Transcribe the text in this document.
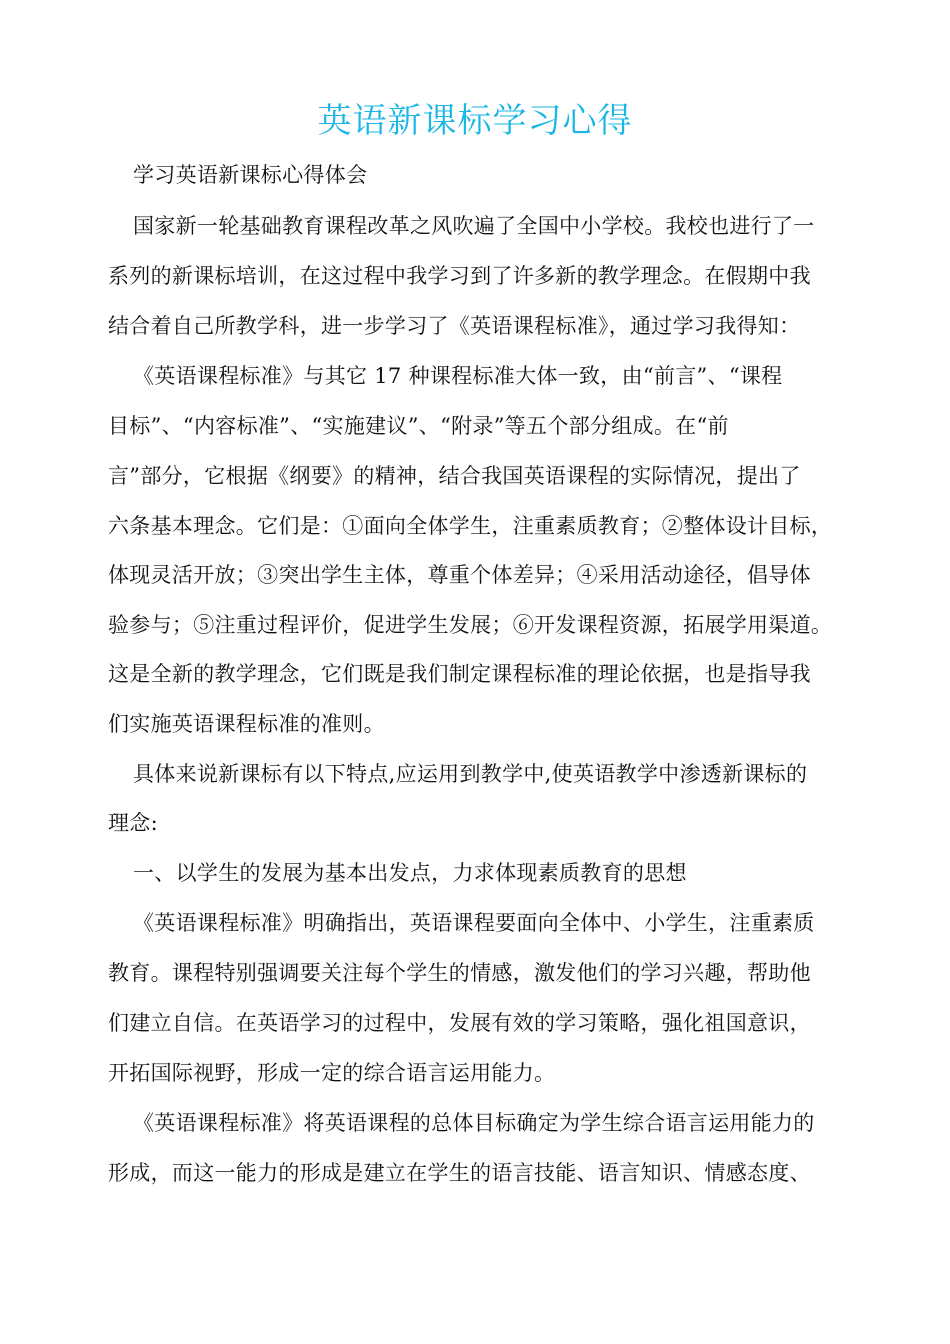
英语新课标学习心得
学习英语新课标心得体会
国家新一轮基础教育课程改革之风吹遍了全国中小学校。我校也进行了一
系列的新课标培训，在这过程中我学习到了许多新的教学理念。在假期中我
结合着自己所教学科，进一步学习了《英语课程标准》，通过学习我得知：
《英语课程标准》与其它 17 种课程标准大体一致，由“前言”、“课程
目标”、“内容标准”、“实施建议”、“附录”等五个部分组成。在“前
言”部分，它根据《纲要》的精神，结合我国英语课程的实际情况，提出了
六条基本理念。它们是：①面向全体学生，注重素质教育；②整体设计目标，
体现灵活开放；③突出学生主体，尊重个体差异；④采用活动途径，倡导体
验参与；⑤注重过程评价，促进学生发展；⑥开发课程资源，拓展学用渠道。
这是全新的教学理念，它们既是我们制定课程标准的理论依据，也是指导我
们实施英语课程标准的准则。
具体来说新课标有以下特点,应运用到教学中,使英语教学中渗透新课标的
理念:
一、以学生的发展为基本出发点，力求体现素质教育的思想
《英语课程标准》明确指出，英语课程要面向全体中、小学生，注重素质
教育。课程特别强调要关注每个学生的情感，激发他们的学习兴趣，帮助他
们建立自信。在英语学习的过程中，发展有效的学习策略，强化祖国意识，
开拓国际视野，形成一定的综合语言运用能力。
《英语课程标准》将英语课程的总体目标确定为学生综合语言运用能力的
形成，而这一能力的形成是建立在学生的语言技能、语言知识、情感态度、
